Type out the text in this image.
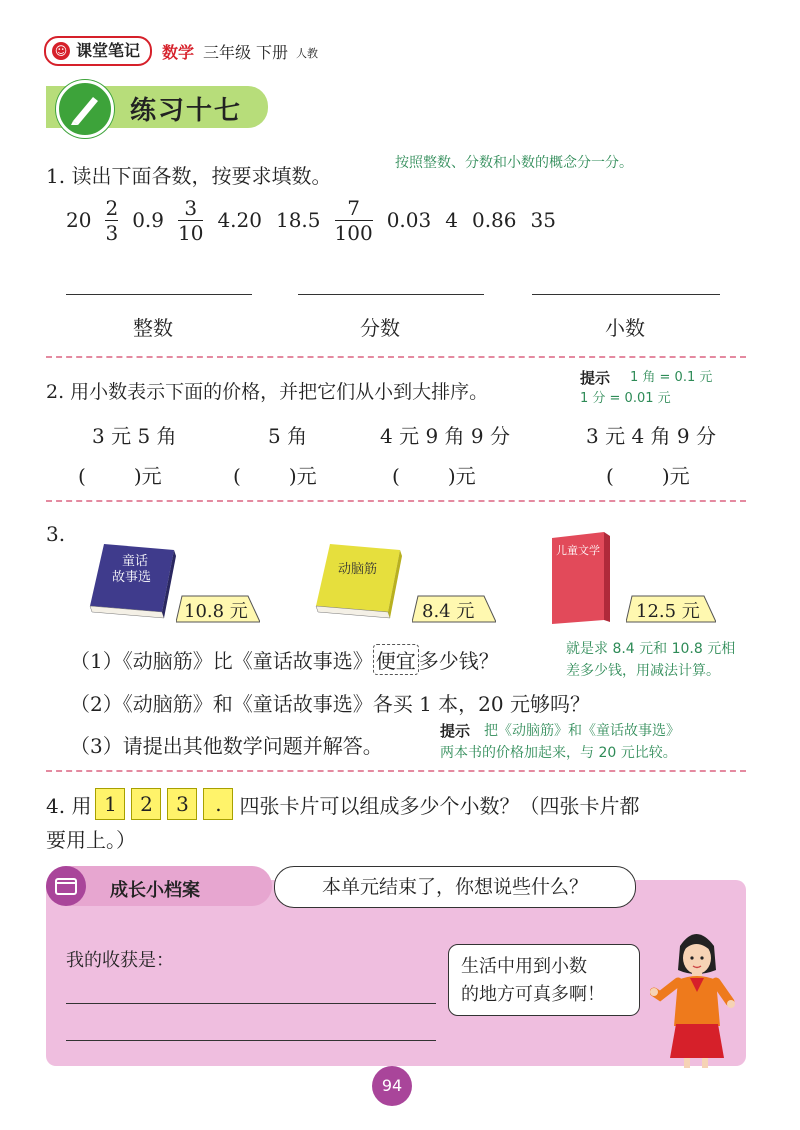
☺ 课堂笔记	数学 三年级 下册 人教
练习十七
1. 读出下面各数，按要求填数。
按照整数、分数和小数的概念分一分。
$20 \frac{2}{3} 0.9 \frac{3}{10} 4.20$ $18.5 \frac{7}{100} 0.03$ 4 0.86 35
整数	分数	小数
2. 用小数表示下面的价格，并把它们从小到大排序。
提示 1 角 = 0.1 元
1 分 = 0.01 元
3 元 5 角	5 角	4 元 9 角 9 分	3 元 4 角 9 分
( )元	( )元	( )元	( )元
3.
童话
故事选
10.8 元
动脑筋
8.4 元
儿童文学
12.5 元
（1）《动脑筋》比《童话故事选》 便宜 多少钱？	就是求 8.4 元和 10.8 元相
差多少钱，用减法计算。
（2）《动脑筋》和《童话故事选》各买 1 本，20 元够吗？
（3）请提出其他数学问题并解答。
提示 把《动脑筋》和《童话故事选》
两本书的价格加起来，与 20 元比较。
4. 用 1	2	3	. 四张卡片可以组成多少个小数？（四张卡片都
要用上。）
成长小档案	本单元结束了，你想说些什么？
我的收获是：	生活中用到小数
的地方可真多啊！
94
